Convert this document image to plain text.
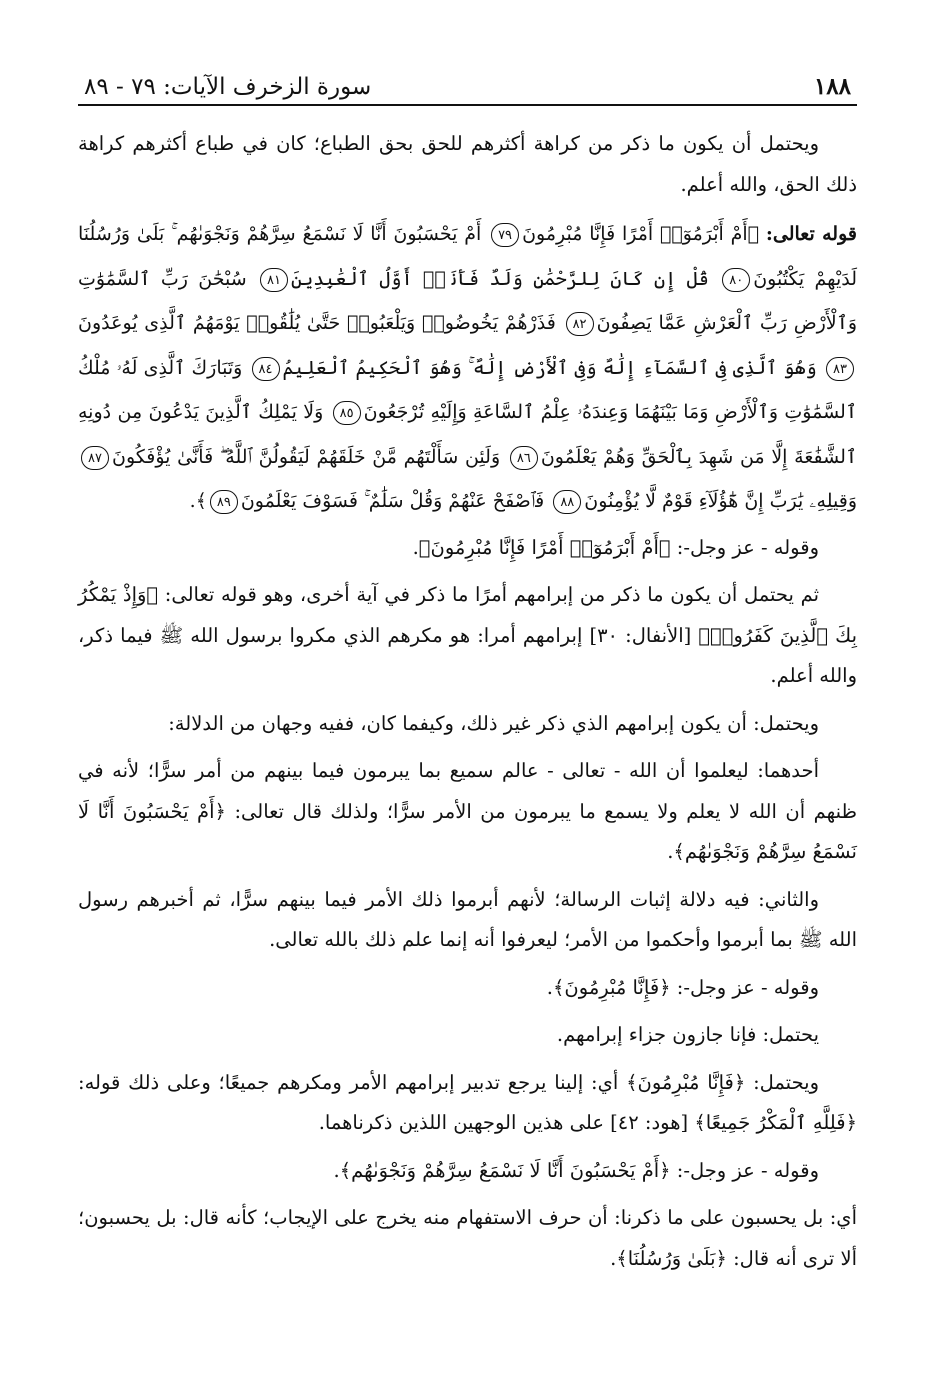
١٨٨
سورة الزخرف الآيات: ٧٩ - ٨٩

ويحتمل أن يكون ما ذكر من كراهة أكثرهم للحق بحق الطباع؛ كان في طباع أكثرهم كراهة ذلك الحق، والله أعلم.

قوله تعالى: ﴿أَمْ أَبْرَمُوٓا۟ أَمْرًا فَإِنَّا مُبْرِمُونَ٧٩ أَمْ يَحْسَبُونَ أَنَّا لَا نَسْمَعُ سِرَّهُمْ وَنَجْوَىٰهُم ۚ بَلَىٰ وَرُسُلُنَا لَدَيْهِمْ يَكْتُبُونَ٨٠ قُلْ إِن كَانَ لِلرَّحْمَٰنِ وَلَدٌ فَأَنَا۠ أَوَّلُ ٱلْعَٰبِدِينَ٨١ سُبْحَٰنَ رَبِّ ٱلسَّمَٰوَٰتِ وَٱلْأَرْضِ رَبِّ ٱلْعَرْشِ عَمَّا يَصِفُونَ٨٢ فَذَرْهُمْ يَخُوضُوا۟ وَيَلْعَبُوا۟ حَتَّىٰ يُلَٰقُوا۟ يَوْمَهُمُ ٱلَّذِى يُوعَدُونَ٨٣ وَهُوَ ٱلَّذِى فِى ٱلسَّمَآءِ إِلَٰهٌ وَفِى ٱلْأَرْضِ إِلَٰهٌ ۚ وَهُوَ ٱلْحَكِيمُ ٱلْعَلِيمُ٨٤ وَتَبَارَكَ ٱلَّذِى لَهُۥ مُلْكُ ٱلسَّمَٰوَٰتِ وَٱلْأَرْضِ وَمَا بَيْنَهُمَا وَعِندَهُۥ عِلْمُ ٱلسَّاعَةِ وَإِلَيْهِ تُرْجَعُونَ٨٥ وَلَا يَمْلِكُ ٱلَّذِينَ يَدْعُونَ مِن دُونِهِ ٱلشَّفَٰعَةَ إِلَّا مَن شَهِدَ بِٱلْحَقِّ وَهُمْ يَعْلَمُونَ٨٦ وَلَئِن سَأَلْتَهُم مَّنْ خَلَقَهُمْ لَيَقُولُنَّ ٱللَّهُ ۖ فَأَنَّىٰ يُؤْفَكُونَ٨٧ وَقِيلِهِۦ يَٰرَبِّ إِنَّ هَٰٓؤُلَآءِ قَوْمٌ لَّا يُؤْمِنُونَ٨٨ فَٱصْفَحْ عَنْهُمْ وَقُلْ سَلَٰمٌ ۚ فَسَوْفَ يَعْلَمُونَ٨٩﴾.

وقوله - عز وجل-: ﴿أَمْ أَبْرَمُوٓا۟ أَمْرًا فَإِنَّا مُبْرِمُونَ﴾.

ثم يحتمل أن يكون ما ذكر من إبرامهم أمرًا ما ذكر في آية أخرى، وهو قوله تعالى: ﴿وَإِذْ يَمْكُرُ بِكَ ٱلَّذِينَ كَفَرُوا۟﴾ [الأنفال: ٣٠] إبرامهم أمرا: هو مكرهم الذي مكروا برسول الله ﷺ فيما ذكر، والله أعلم.

ويحتمل: أن يكون إبرامهم الذي ذكر غير ذلك، وكيفما كان، ففيه وجهان من الدلالة:

أحدهما: ليعلموا أن الله - تعالى - عالم سميع بما يبرمون فيما بينهم من أمر سرًّا؛ لأنه في ظنهم أن الله لا يعلم ولا يسمع ما يبرمون من الأمر سرًّا؛ ولذلك قال تعالى: ﴿أَمْ يَحْسَبُونَ أَنَّا لَا نَسْمَعُ سِرَّهُمْ وَنَجْوَىٰهُم﴾.

والثاني: فيه دلالة إثبات الرسالة؛ لأنهم أبرموا ذلك الأمر فيما بينهم سرًّا، ثم أخبرهم رسول الله ﷺ بما أبرموا وأحكموا من الأمر؛ ليعرفوا أنه إنما علم ذلك بالله تعالى.

وقوله - عز وجل-: ﴿فَإِنَّا مُبْرِمُونَ﴾.

يحتمل: فإنا جازون جزاء إبرامهم.

ويحتمل: ﴿فَإِنَّا مُبْرِمُونَ﴾ أي: إلينا يرجع تدبير إبرامهم الأمر ومكرهم جميعًا؛ وعلى ذلك قوله: ﴿فَلِلَّهِ ٱلْمَكْرُ جَمِيعًا﴾ [هود: ٤٢] على هذين الوجهين اللذين ذكرناهما.

وقوله - عز وجل-: ﴿أَمْ يَحْسَبُونَ أَنَّا لَا نَسْمَعُ سِرَّهُمْ وَنَجْوَىٰهُم﴾.

أي: بل يحسبون على ما ذكرنا: أن حرف الاستفهام منه يخرج على الإيجاب؛ كأنه قال: بل يحسبون؛ ألا ترى أنه قال: ﴿بَلَىٰ وَرُسُلُنَا﴾.
